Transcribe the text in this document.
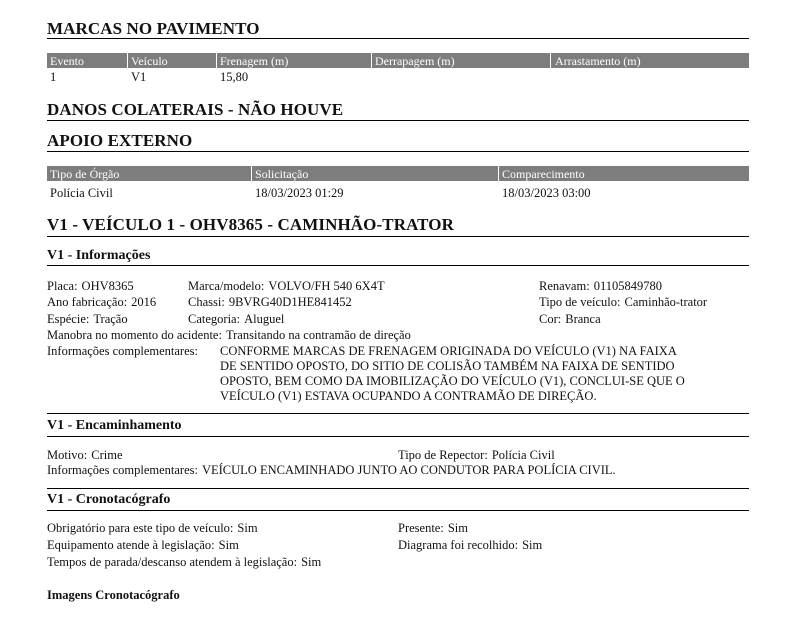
MARCAS NO PAVIMENTO
Evento	Veículo	Frenagem (m)	Derrapagem (m)	Arrastamento (m)
1	V1	15,80
DANOS COLATERAIS - NÃO HOUVE
APOIO EXTERNO
Tipo de Órgão	Solicitação	Comparecimento
Polícia Civil	18/03/2023 01:29	18/03/2023 03:00
V1 - VEÍCULO 1 - OHV8365 - CAMINHÃO-TRATOR
V1 - Informações
Placa: OHV8365	Marca/modelo: VOLVO/FH 540 6X4T	Renavam: 01105849780
Ano fabricação: 2016	Chassi: 9BVRG40D1HE841452	Tipo de veículo: Caminhão-trator
Espécie: Tração	Categoria: Aluguel	Cor: Branca
Manobra no momento do acidente: Transitando na contramão de direção
Informações complementares: CONFORME MARCAS DE FRENAGEM ORIGINADA DO VEÍCULO (V1) NA FAIXA
DE SENTIDO OPOSTO, DO SITIO DE COLISÃO TAMBÉM NA FAIXA DE SENTIDO
OPOSTO, BEM COMO DA IMOBILIZAÇÃO DO VEÍCULO (V1), CONCLUI-SE QUE O
VEÍCULO (V1) ESTAVA OCUPANDO A CONTRAMÃO DE DIREÇÃO.
V1 - Encaminhamento
Motivo: Crime	Tipo de Repector: Polícia Civil
Informações complementares: VEÍCULO ENCAMINHADO JUNTO AO CONDUTOR PARA POLÍCIA CIVIL.
V1 - Cronotacógrafo
Obrigatório para este tipo de veículo: Sim	Presente: Sim
Equipamento atende à legislação: Sim	Diagrama foi recolhido: Sim
Tempos de parada/descanso atendem à legislação: Sim
Imagens Cronotacógrafo
